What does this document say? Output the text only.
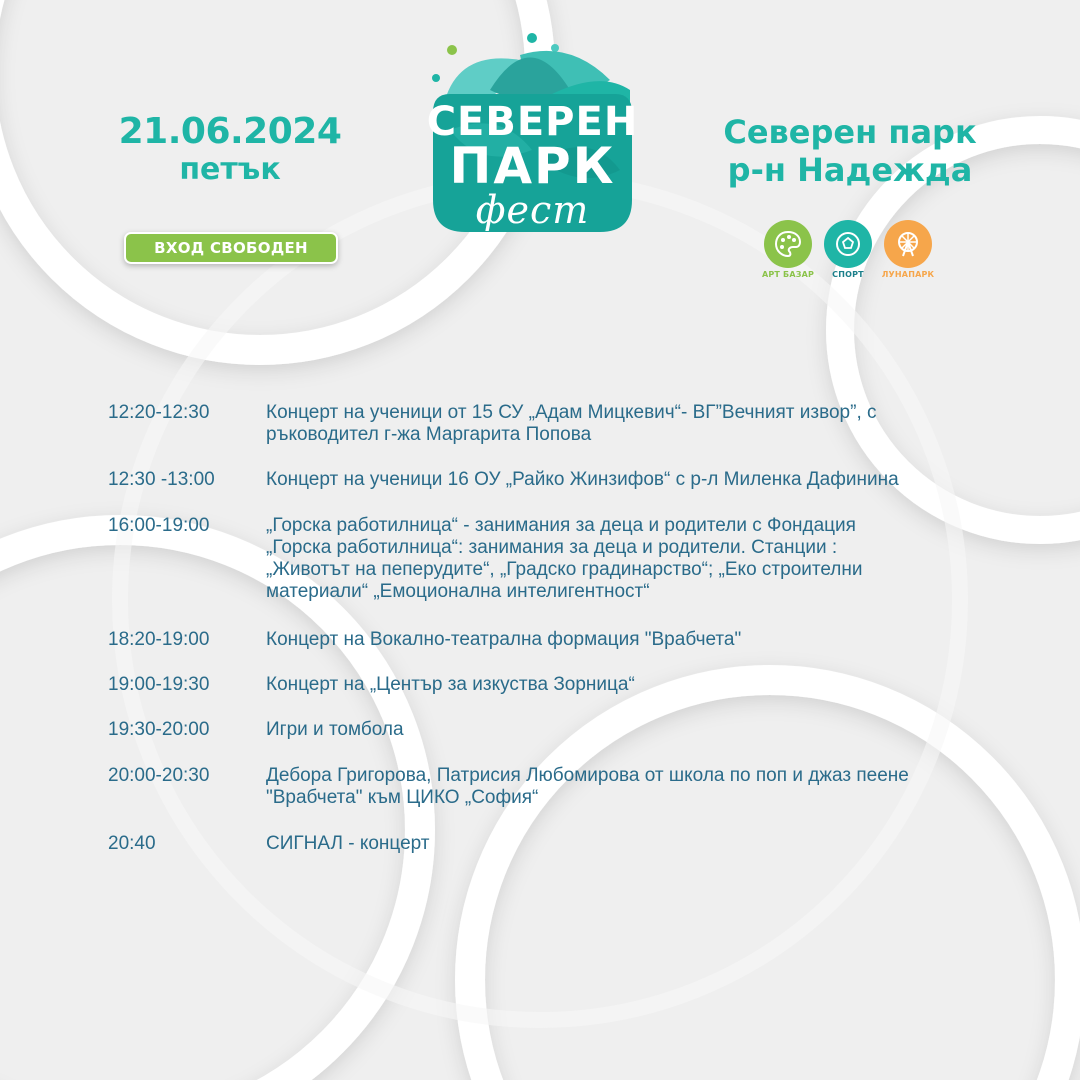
21.06.2024
петък
ВХОД СВОБОДЕН
Северен парк
р-н Надежда
СЕВЕРЕН
ПАРК
фест
АРТ БАЗАР	СПОРТ	ЛУНАПАРК
12:20-12:30	Концерт на ученици от 15 СУ „Адам Мицкевич“- ВГ”Вечният извор”, с
ръководител г-жа Маргарита Попова
12:30 -13:00	Концерт на ученици 16 ОУ „Райко Жинзифов“ с р-л Миленка Дафинина
16:00-19:00	„Горска работилница“ - занимания за деца и родители с Фондация
„Горска работилница“: занимания за деца и родители. Станции :
„Животът на пеперудите“, „Градско градинарство“; „Еко строителни
материали“ „Емоционална интелигентност“
18:20-19:00	Концерт на Вокално-театрална формация "Врабчета"
19:00-19:30	Концерт на „Център за изкуства Зорница“
19:30-20:00	Игри и томбола
20:00-20:30	Дебора Григорова, Патрисия Любомирова от школа по поп и джаз пеене
"Врабчета" към ЦИКО „София“
20:40	СИГНАЛ - концерт
